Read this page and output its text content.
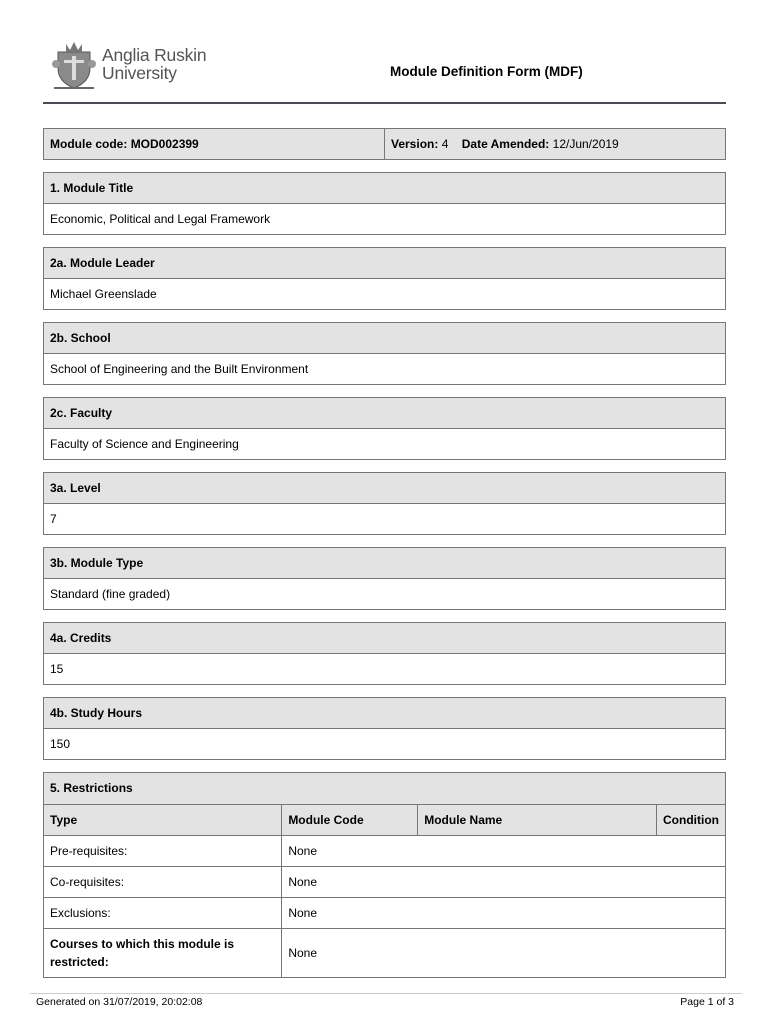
Anglia Ruskin
University	Module Definition Form (MDF)
Module code: MOD002399	Version: 4 Date Amended: 12/Jun/2019
1. Module Title
Economic, Political and Legal Framework
2a. Module Leader
Michael Greenslade
2b. School
School of Engineering and the Built Environment
2c. Faculty
Faculty of Science and Engineering
3a. Level
7
3b. Module Type
Standard (fine graded)
4a. Credits
15
4b. Study Hours
150
5. Restrictions
Type	Module Code	Module Name	Condition
Pre-requisites:	None		
Co-requisites:	None		
Exclusions:	None		
Courses to which this module is restricted:	None		
Generated on 31/07/2019, 20:02:08	Page 1 of 3
